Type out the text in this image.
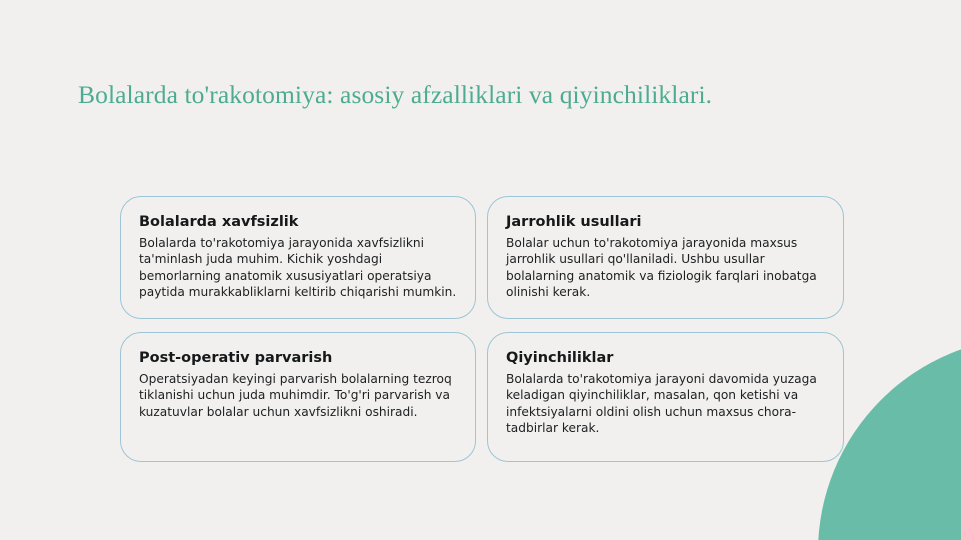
Bolalarda to'rakotomiya: asosiy afzalliklari va qiyinchiliklari.
Bolalarda xavfsizlik
Bolalarda to'rakotomiya jarayonida xavfsizlikni ta'minlash juda muhim. Kichik yoshdagi bemorlarning anatomik xususiyatlari operatsiya paytida murakkabliklarni keltirib chiqarishi mumkin.
Jarrohlik usullari
Bolalar uchun to'rakotomiya jarayonida maxsus jarrohlik usullari qo'llaniladi. Ushbu usullar bolalarning anatomik va fiziologik farqlari inobatga olinishi kerak.
Post-operativ parvarish
Operatsiyadan keyingi parvarish bolalarning tezroq tiklanishi uchun juda muhimdir. To'g'ri parvarish va kuzatuvlar bolalar uchun xavfsizlikni oshiradi.
Qiyinchiliklar
Bolalarda to'rakotomiya jarayoni davomida yuzaga keladigan qiyinchiliklar, masalan, qon ketishi va infektsiyalarni oldini olish uchun maxsus chora-tadbirlar kerak.
